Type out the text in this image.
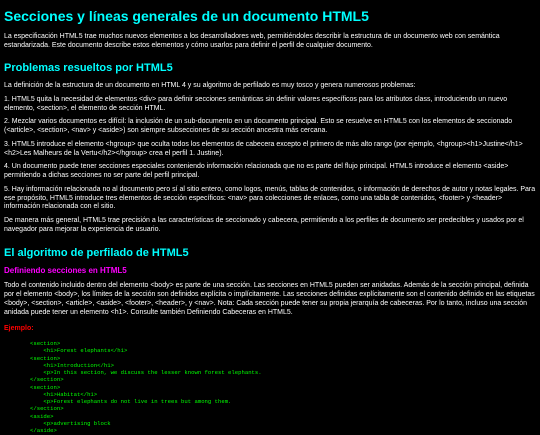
Secciones y líneas generales de un documento HTML5

La especificación HTML5 trae muchos nuevos elementos a los desarrolladores web, permitiéndoles describir la estructura de un documento web con semántica estandarizada. Este documento describe estos elementos y cómo usarlos para definir el perfil de cualquier documento.

Problemas resueltos por HTML5

La definición de la estructura de un documento en HTML 4 y su algoritmo de perfilado es muy tosco y genera numerosos problemas:

1. HTML5 quita la necesidad de elementos <div> para definir secciones semánticas sin definir valores específicos para los atributos class, introduciendo un nuevo elemento, <section>, el elemento de sección HTML.

2. Mezclar varios documentos es difícil: la inclusión de un sub-documento en un documento principal. Esto se resuelve en HTML5 con los elementos de seccionado (<article>, <section>, <nav> y <aside>) son siempre subsecciones de su sección ancestra más cercana.

3. HTML5 introduce el elemento <hgroup> que oculta todos los elementos de cabecera excepto el primero de más alto rango (por ejemplo, <hgroup><h1>Justine</h1><h2>Les Malheurs de la Vertu</h2></hgroup> crea el perfil 1. Justine).

4. Un documento puede tener secciones especiales conteniendo información relacionada que no es parte del flujo principal. HTML5 introduce el elemento <aside> permitiendo a dichas secciones no ser parte del perfil principal.

5. Hay información relacionada no al documento pero sí al sitio entero, como logos, menús, tablas de contenidos, o información de derechos de autor y notas legales. Para ese propósito, HTML5 introduce tres elementos de sección específicos: <nav> para colecciones de enlaces, como una tabla de contenidos, <footer> y <header> información relacionada con el sitio.

De manera más general, HTML5 trae precisión a las características de seccionado y cabecera, permitiendo a los perfiles de documento ser predecibles y usados por el navegador para mejorar la experiencia de usuario.

El algoritmo de perfilado de HTML5
Definiendo secciones en HTML5

Todo el contenido incluido dentro del elemento <body> es parte de una sección. Las secciones en HTML5 pueden ser anidadas. Además de la sección principal, definida por el elemento <body>, los límites de la sección son definidos explícita o implícitamente. Las secciones definidas explícitamente son el contenido definido en las etiquetas <body>, <section>, <article>, <aside>, <footer>, <header>, y <nav>. Nota: Cada sección puede tener su propia jerarquía de cabeceras. Por lo tanto, incluso una sección anidada puede tener un elemento <h1>. Consulte también Definiendo Cabeceras en HTML5.

Ejemplo:
<section>
<h1>Forest elephants</h1>
<section>
<h1>Introduction</h1>
<p>In this section, we discuss the lesser known forest elephants.
</section>
<section>
<h1>Habitat</h1>
<p>Forest elephants do not live in trees but among them.
</section>
<aside>
<p>advertising block
</aside>
